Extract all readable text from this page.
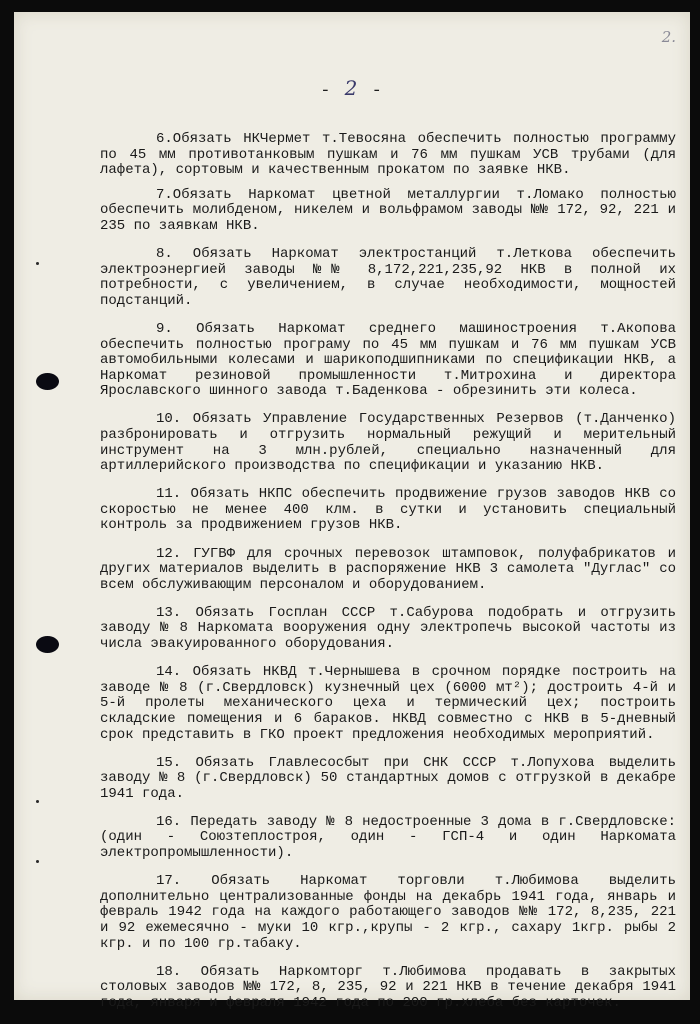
2.
- 2 -

6.Обязать НКЧермет т.Тевосяна обеспечить полностью программу по 45 мм противотанковым пушкам и 76 мм пушкам УСВ трубами (для лафета), сортовым и качественным прокатом по заявке НКВ.

7.Обязать Наркомат цветной металлургии т.Ломако полностью обеспечить молибденом, никелем и вольфрамом заводы №№ 172, 92, 221 и 235 по заявкам НКВ.

8. Обязать Наркомат электростанций т.Леткова обеспечить электроэнергией заводы №№ 8,172,221,235,92 НКВ в полной их потребности, с увеличением, в случае необходимости, мощностей подстанций.

9. Обязать Наркомат среднего машиностроения т.Акопова обеспечить полностью програму по 45 мм пушкам и 76 мм пушкам УСВ автомобильными колесами и шарикоподшипниками по спецификации НКВ, а Наркомат резиновой промышленности т.Митрохина и директора Ярославского шинного завода т.Баденкова - обрезинить эти колеса.

10. Обязать Управление Государственных Резервов (т.Данченко) разбронировать и отгрузить нормальный режущий и мерительный инструмент на 3 млн.рублей, специально назначенный для артиллерийского производства по спецификации и указанию НКВ.

11. Обязать НКПС обеспечить продвижение грузов заводов НКВ со скоростью не менее 400 клм. в сутки и установить специальный контроль за продвижением грузов НКВ.

12. ГУГВФ для срочных перевозок штамповок, полуфабрикатов и других материалов выделить в распоряжение НКВ 3 самолета "Дуглас" со всем обслуживающим персоналом и оборудованием.

13. Обязать Госплан СССР т.Сабурова подобрать и отгрузить заводу № 8 Наркомата вооружения одну электропечь высокой частоты из числа эвакуированного оборудования.

14. Обязать НКВД т.Чернышева в срочном порядке построить на заводе № 8 (г.Свердловск) кузнечный цех (6000 мт²); достроить 4-й и 5-й пролеты механического цеха и термический цех; построить складские помещения и 6 бараков. НКВД совместно с НКВ в 5-дневный срок представить в ГКО проект предложения необходимых мероприятий.

15. Обязать Главлесосбыт при СНК СССР т.Лопухова выделить заводу № 8 (г.Свердловск) 50 стандартных домов с отгрузкой в декабре 1941 года.

16. Передать заводу № 8 недостроенные 3 дома в г.Свердловске: (один - Союзтеплостроя, один - ГСП-4 и один Наркомата электропромышленности).

17. Обязать Наркомат торговли т.Любимова выделить дополнительно централизованные фонды на декабрь 1941 года, январь и февраль 1942 года на каждого работающего заводов №№ 172, 8,235, 221 и 92 ежемесячно - муки 10 кгр.,крупы - 2 кгр., сахару 1кгр. рыбы 2 кгр. и по 100 гр.табаку.

18. Обязать Наркомторг т.Любимова продавать в закрытых столовых заводов №№ 172, 8, 235, 92 и 221 НКВ в течение декабря 1941 года, января и февраля 1942 года по 200 гр.хлеба без карточек.
